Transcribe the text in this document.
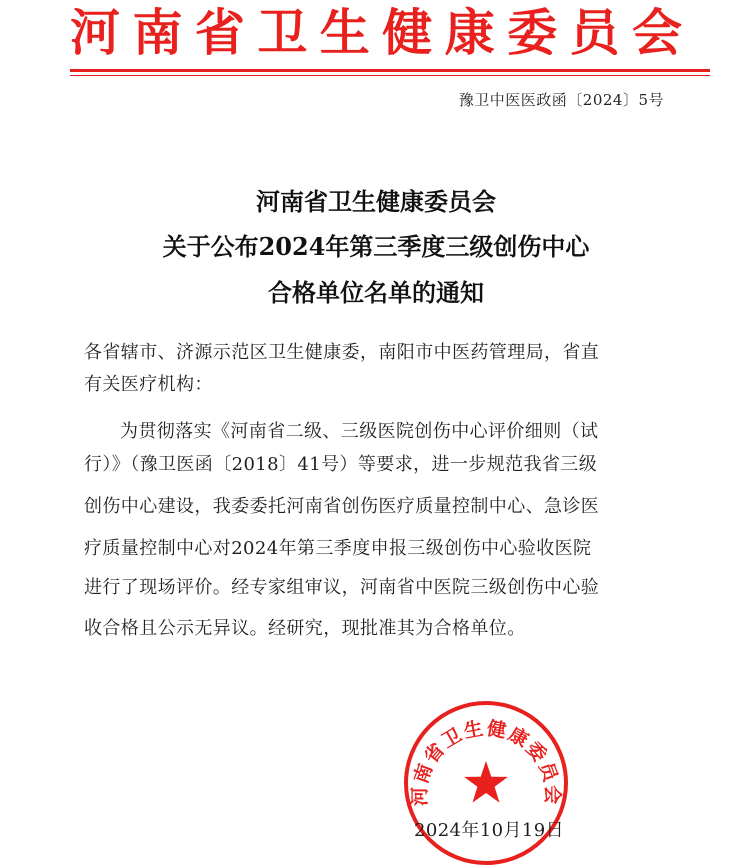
河 南 省 卫 生 健 康 委 员 会
豫卫中医医政函〔2024〕5号
河南省卫生健康委员会
关于公布2024年第三季度三级创伤中心
合格单位名单的通知
各省辖市、济源示范区卫生健康委，南阳市中医药管理局，省直
有关医疗机构：
为贯彻落实《河南省二级、三级医院创伤中心评价细则（试
行）》（豫卫医函〔2018〕41号）等要求，进一步规范我省三级
创伤中心建设，我委委托河南省创伤医疗质量控制中心、急诊医
疗质量控制中心对2024年第三季度申报三级创伤中心验收医院
进行了现场评价。经专家组审议，河南省中医院三级创伤中心验
收合格且公示无异议。经研究，现批准其为合格单位。
河南省卫生健康委员会
2024年10月19日
